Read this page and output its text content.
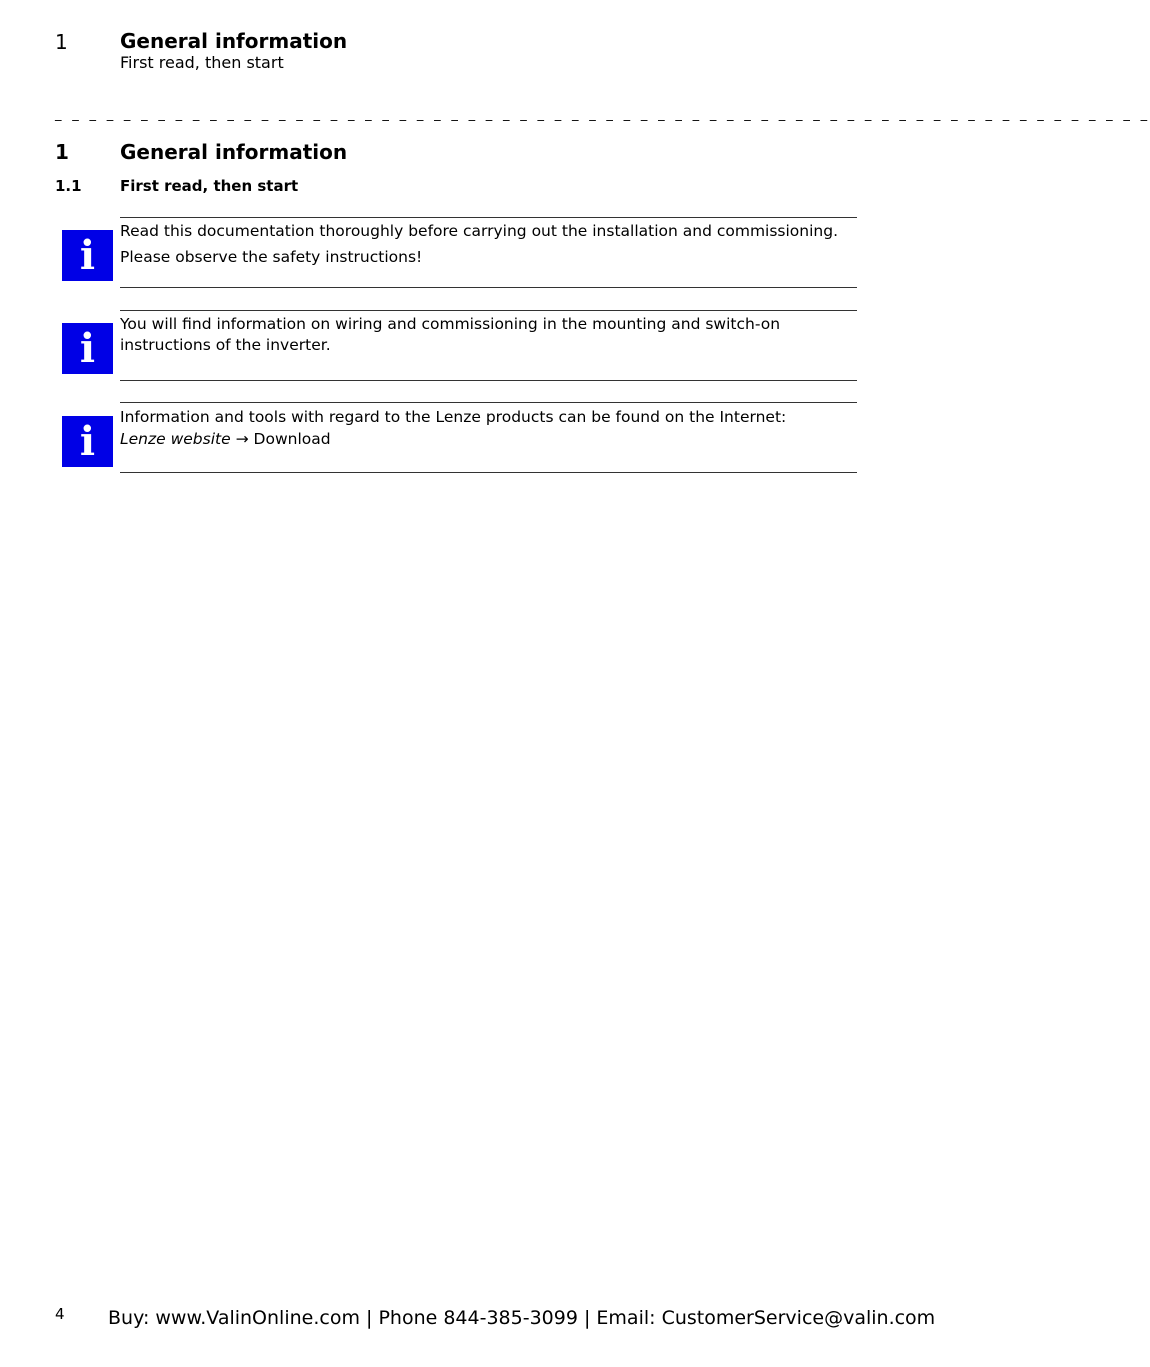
1	General information
First read, then start
_ _ _ _ _ _ _ _ _ _ _ _ _ _ _ _ _ _ _ _ _ _ _ _ _ _ _ _ _ _ _ _ _ _ _ _ _ _ _ _ _ _ _ _ _ _ _ _ _ _ _ _ _ _ _ _ _ _ _ _ _ _ _ _
1	General information
1.1	First read, then start
i

Read this documentation thoroughly before carrying out the installation and commissioning.

Please observe the safety instructions!

i

You will find information on wiring and commissioning in the mounting and switch-on instructions of the inverter.

i

Information and tools with regard to the Lenze products can be found on the Internet:

Lenze website → Download

4 Buy: www.ValinOnline.com | Phone 844-385-3099 | Email: CustomerService@valin.com
